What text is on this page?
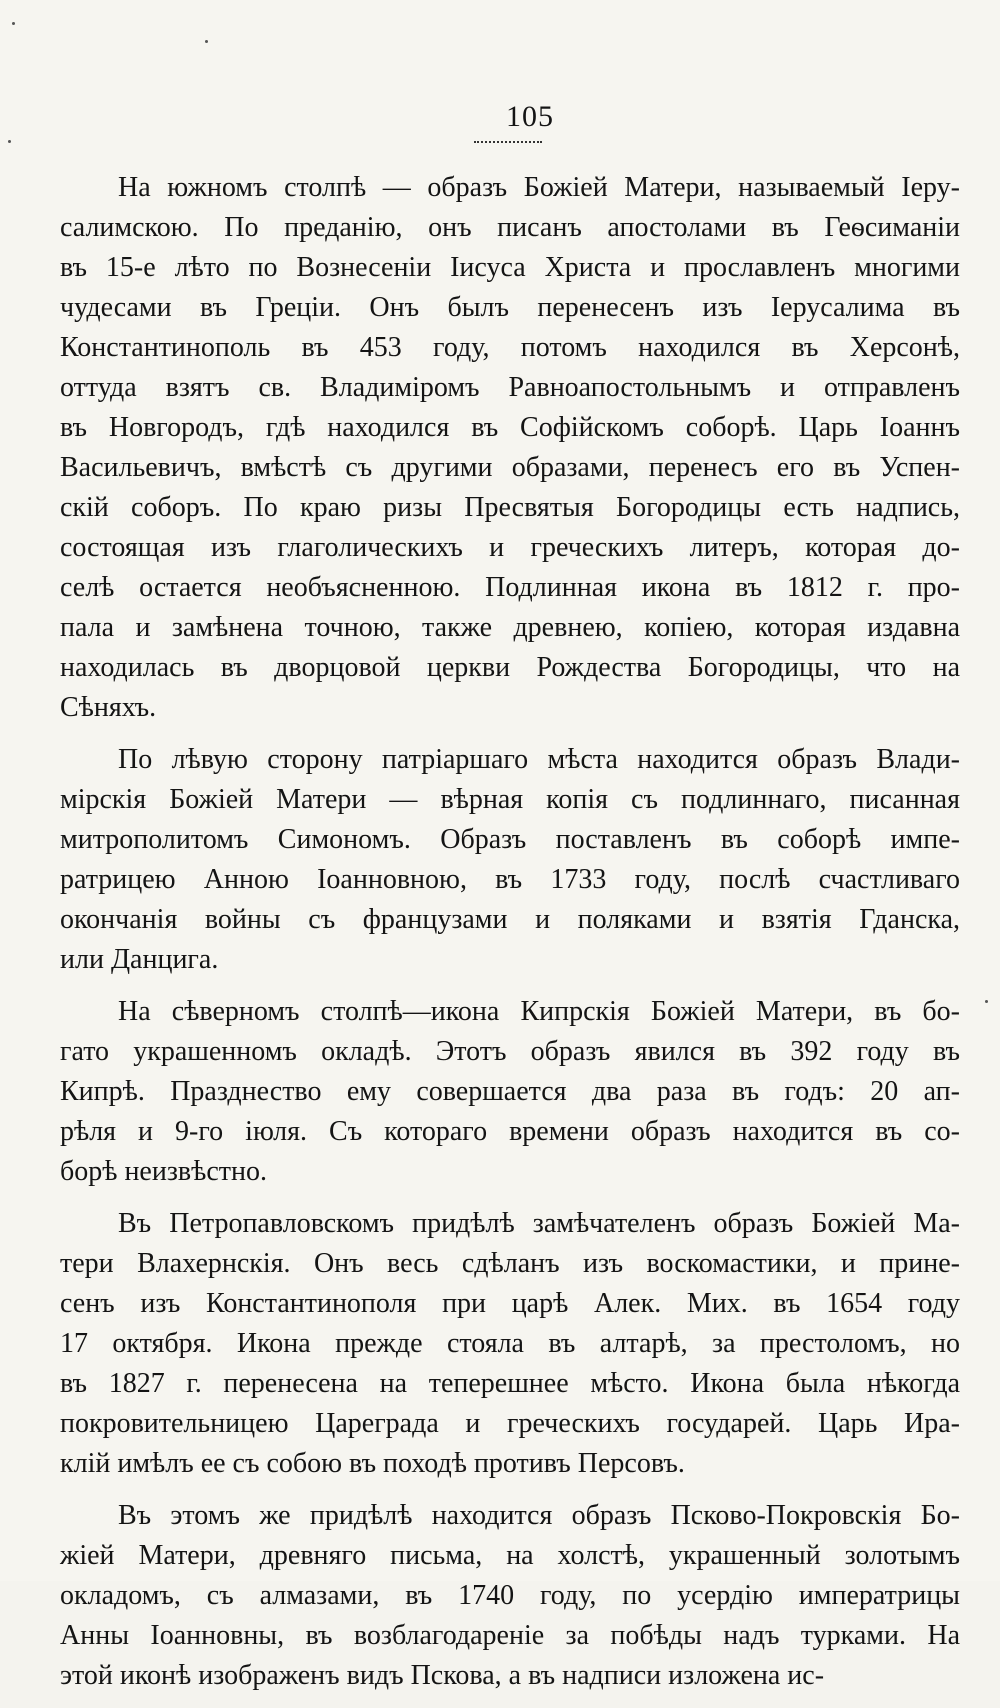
105
На южномъ столпѣ — образъ Божіей Матери, называемый Іеру-
салимскою. По преданію, онъ писанъ апостолами въ Геѳсиманіи
въ 15-е лѣто по Вознесеніи Іисуса Христа и прославленъ многими
чудесами въ Греціи. Онъ былъ перенесенъ изъ Іерусалима въ
Константинополь въ 453 году, потомъ находился въ Херсонѣ,
оттуда взятъ св. Владиміромъ Равноапостольнымъ и отправленъ
въ Новгородъ, гдѣ находился въ Софійскомъ соборѣ. Царь Іоаннъ
Васильевичъ, вмѣстѣ съ другими образами, перенесъ его въ Успен-
скій соборъ. По краю ризы Пресвятыя Богородицы есть надпись,
состоящая изъ глаголическихъ и греческихъ литеръ, которая до-
селѣ остается необъясненною. Подлинная икона въ 1812 г. про-
пала и замѣнена точною, также древнею, копіею, которая издавна
находилась въ дворцовой церкви Рождества Богородицы, что на
Сѣняхъ.
По лѣвую сторону патріаршаго мѣста находится образъ Влади-
мірскія Божіей Матери — вѣрная копія съ подлиннаго, писанная
митрополитомъ Симономъ. Образъ поставленъ въ соборѣ импе-
ратрицею Анною Іоанновною, въ 1733 году, послѣ счастливаго
окончанія войны съ французами и поляками и взятія Гданска,
или Данцига.
На сѣверномъ столпѣ—икона Кипрскія Божіей Матери, въ бо-
гато украшенномъ окладѣ. Этотъ образъ явился въ 392 году въ
Кипрѣ. Празднество ему совершается два раза въ годъ: 20 ап-
рѣля и 9-го іюля. Съ котораго времени образъ находится въ со-
борѣ неизвѣстно.
Въ Петропавловскомъ придѣлѣ замѣчателенъ образъ Божіей Ма-
тери Влахернскія. Онъ весь сдѣланъ изъ воскомастики, и прине-
сенъ изъ Константинополя при царѣ Алек. Мих. въ 1654 году
17 октября. Икона прежде стояла въ алтарѣ, за престоломъ, но
въ 1827 г. перенесена на теперешнее мѣсто. Икона была нѣкогда
покровительницею Цареграда и греческихъ государей. Царь Ира-
клій имѣлъ ее съ собою въ походѣ противъ Персовъ.
Въ этомъ же придѣлѣ находится образъ Псково-Покровскія Бо-
жіей Матери, древняго письма, на холстѣ, украшенный золотымъ
окладомъ, съ алмазами, въ 1740 году, по усердію императрицы
Анны Іоанновны, въ возблагодареніе за побѣды надъ турками. На
этой иконѣ изображенъ видъ Пскова, а въ надписи изложена ис-
